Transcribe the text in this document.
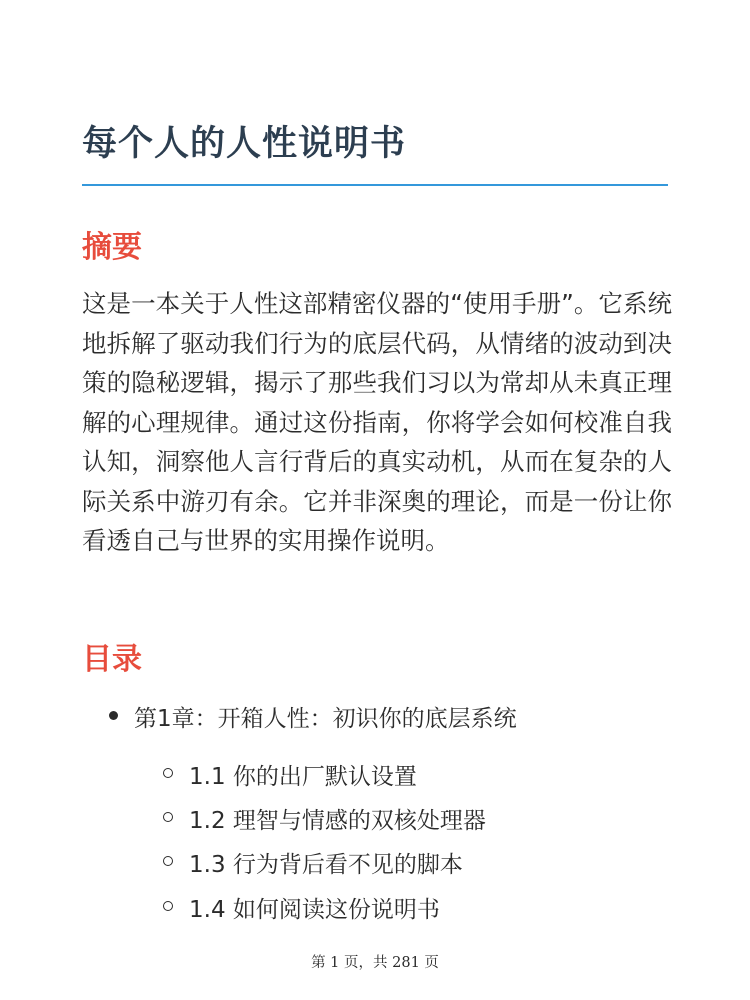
每个人的人性说明书
摘要

这是一本关于人性这部精密仪器的“使用手册”。它系统地拆解了驱动我们行为的底层代码，从情绪的波动到决策的隐秘逻辑，揭示了那些我们习以为常却从未真正理解的心理规律。通过这份指南，你将学会如何校准自我认知，洞察他人言行背后的真实动机，从而在复杂的人际关系中游刃有余。它并非深奥的理论，而是一份让你看透自己与世界的实用操作说明。

目录
第1章：开箱人性：初识你的底层系统
1.1 你的出厂默认设置
1.2 理智与情感的双核处理器
1.3 行为背后看不见的脚本
1.4 如何阅读这份说明书
第 1 页，共 281 页
